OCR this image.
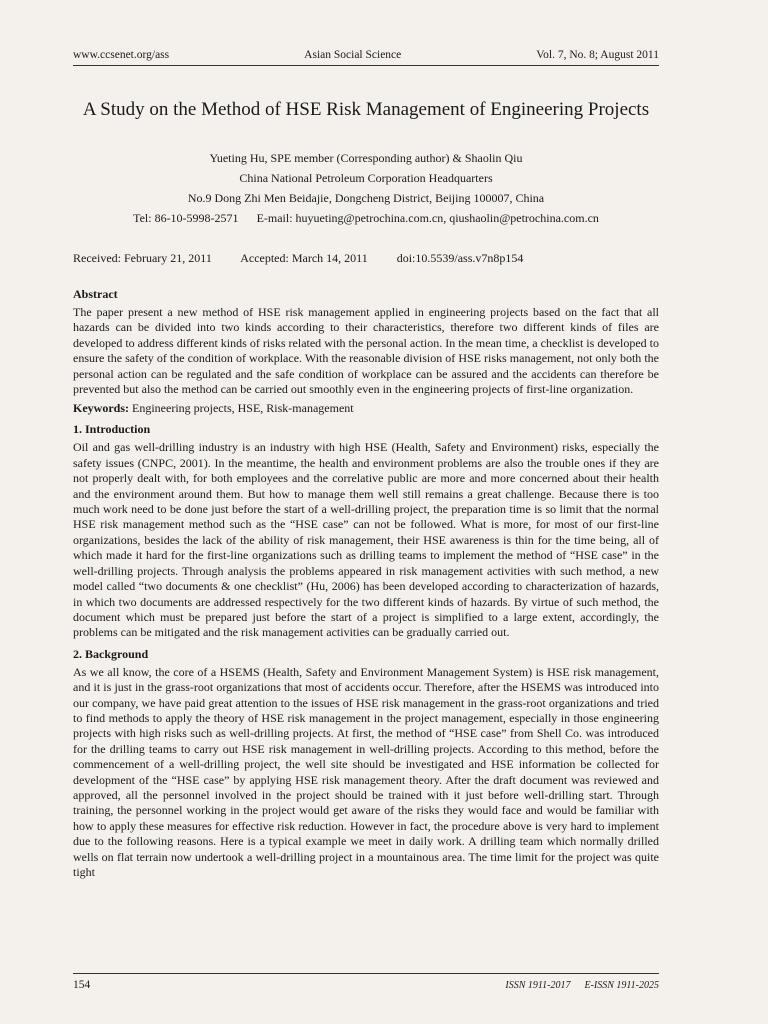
www.ccsenet.org/ass	Asian Social Science	Vol. 7, No. 8; August 2011
A Study on the Method of HSE Risk Management of Engineering Projects
Yueting Hu, SPE member (Corresponding author) & Shaolin Qiu
China National Petroleum Corporation Headquarters
No.9 Dong Zhi Men Beidajie, Dongcheng District, Beijing 100007, China
Tel: 86-10-5998-2571 E-mail: huyueting@petrochina.com.cn, qiushaolin@petrochina.com.cn
Received: February 21, 2011 Accepted: March 14, 2011 doi:10.5539/ass.v7n8p154
Abstract

The paper present a new method of HSE risk management applied in engineering projects based on the fact that all hazards can be divided into two kinds according to their characteristics, therefore two different kinds of files are developed to address different kinds of risks related with the personal action. In the mean time, a checklist is developed to ensure the safety of the condition of workplace. With the reasonable division of HSE risks management, not only both the personal action can be regulated and the safe condition of workplace can be assured and the accidents can therefore be prevented but also the method can be carried out smoothly even in the engineering projects of first-line organization.

Keywords: Engineering projects, HSE, Risk-management
1. Introduction

Oil and gas well-drilling industry is an industry with high HSE (Health, Safety and Environment) risks, especially the safety issues (CNPC, 2001). In the meantime, the health and environment problems are also the trouble ones if they are not properly dealt with, for both employees and the correlative public are more and more concerned about their health and the environment around them. But how to manage them well still remains a great challenge. Because there is too much work need to be done just before the start of a well-drilling project, the preparation time is so limit that the normal HSE risk management method such as the “HSE case” can not be followed. What is more, for most of our first-line organizations, besides the lack of the ability of risk management, their HSE awareness is thin for the time being, all of which made it hard for the first-line organizations such as drilling teams to implement the method of “HSE case” in the well-drilling projects. Through analysis the problems appeared in risk management activities with such method, a new model called “two documents & one checklist” (Hu, 2006) has been developed according to characterization of hazards, in which two documents are addressed respectively for the two different kinds of hazards. By virtue of such method, the document which must be prepared just before the start of a project is simplified to a large extent, accordingly, the problems can be mitigated and the risk management activities can be gradually carried out.

2. Background

As we all know, the core of a HSEMS (Health, Safety and Environment Management System) is HSE risk management, and it is just in the grass-root organizations that most of accidents occur. Therefore, after the HSEMS was introduced into our company, we have paid great attention to the issues of HSE risk management in the grass-root organizations and tried to find methods to apply the theory of HSE risk management in the project management, especially in those engineering projects with high risks such as well-drilling projects. At first, the method of “HSE case” from Shell Co. was introduced for the drilling teams to carry out HSE risk management in well-drilling projects. According to this method, before the commencement of a well-drilling project, the well site should be investigated and HSE information be collected for development of the “HSE case” by applying HSE risk management theory. After the draft document was reviewed and approved, all the personnel involved in the project should be trained with it just before well-drilling start. Through training, the personnel working in the project would get aware of the risks they would face and would be familiar with how to apply these measures for effective risk reduction. However in fact, the procedure above is very hard to implement due to the following reasons. Here is a typical example we meet in daily work. A drilling team which normally drilled wells on flat terrain now undertook a well-drilling project in a mountainous area. The time limit for the project was quite tight

154	ISSN 1911-2017 E-ISSN 1911-2025
